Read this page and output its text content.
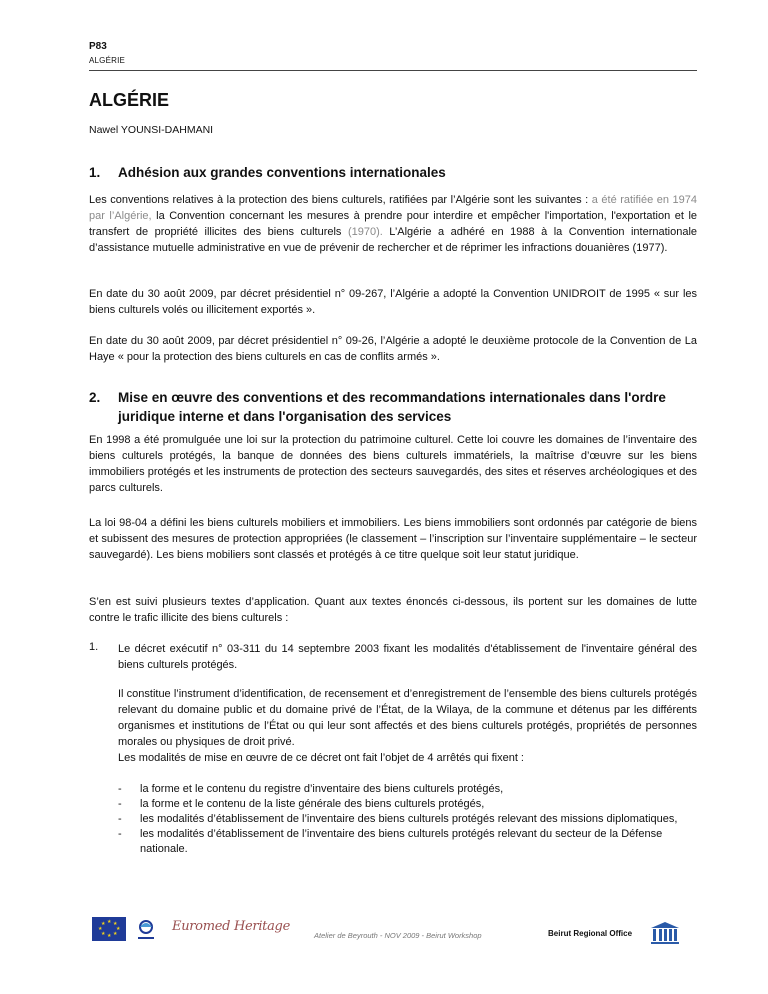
P83
ALGÉRIE
ALGÉRIE
Nawel YOUNSI-DAHMANI
1. Adhésion aux grandes conventions internationales
Les conventions relatives à la protection des biens culturels, ratifiées par l’Algérie sont les suivantes : a été ratifiée en 1974 par l’Algérie, la Convention concernant les mesures à prendre pour interdire et empêcher l'importation, l'exportation et le transfert de propriété illicites des biens culturels (1970). L’Algérie a adhéré en 1988 à la Convention internationale d’assistance mutuelle administrative en vue de prévenir de rechercher et de réprimer les infractions douanières (1977).
En date du 30 août 2009, par décret présidentiel n° 09-267, l’Algérie a adopté la Convention UNIDROIT de 1995 « sur les biens culturels volés ou illicitement exportés ».
En date du 30 août 2009, par décret présidentiel n° 09-26, l’Algérie a adopté le deuxième protocole de la Convention de La Haye « pour la protection des biens culturels en cas de conflits armés ».
2. Mise en œuvre des conventions et des recommandations internationales dans l'ordre juridique interne et dans l'organisation des services
En 1998 a été promulguée une loi sur la protection du patrimoine culturel. Cette loi couvre les domaines de l’inventaire des biens culturels protégés, la banque de données des biens culturels immatériels, la maîtrise d’œuvre sur les biens immobiliers protégés et les instruments de protection des secteurs sauvegardés, des sites et réserves archéologiques et des parcs culturels.
La loi 98-04 a défini les biens culturels mobiliers et immobiliers. Les biens immobiliers sont ordonnés par catégorie de biens et subissent des mesures de protection appropriées (le classement – l’inscription sur l’inventaire supplémentaire – le secteur sauvegardé). Les biens mobiliers sont classés et protégés à ce titre quelque soit leur statut juridique.
S’en est suivi plusieurs textes d’application. Quant aux textes énoncés ci-dessous, ils portent sur les domaines de lutte contre le trafic illicite des biens culturels :
1. Le décret exécutif n° 03-311 du 14 septembre 2003 fixant les modalités d'établissement de l'inventaire général des biens culturels protégés.
Il constitue l’instrument d’identification, de recensement et d’enregistrement de l’ensemble des biens culturels protégés relevant du domaine public et du domaine privé de l’État, de la Wilaya, de la commune et détenus par les différents organismes et institutions de l’État ou qui leur sont affectés et des biens culturels protégés, propriétés de personnes morales ou physiques de droit privé.
Les modalités de mise en œuvre de ce décret ont fait l’objet de 4 arrêtés qui fixent :
- la forme et le contenu du registre d’inventaire des biens culturels protégés,
- la forme et le contenu de la liste générale des biens culturels protégés,
- les modalités d’établissement de l’inventaire des biens culturels protégés relevant des missions diplomatiques,
- les modalités d’établissement de l’inventaire des biens culturels protégés relevant du secteur de la Défense nationale.
★ ★
★
★
★
★
★
★	Euromed Heritage
Atelier de Beyrouth - NOV 2009 - Beirut Workshop	Beirut Regional Office
